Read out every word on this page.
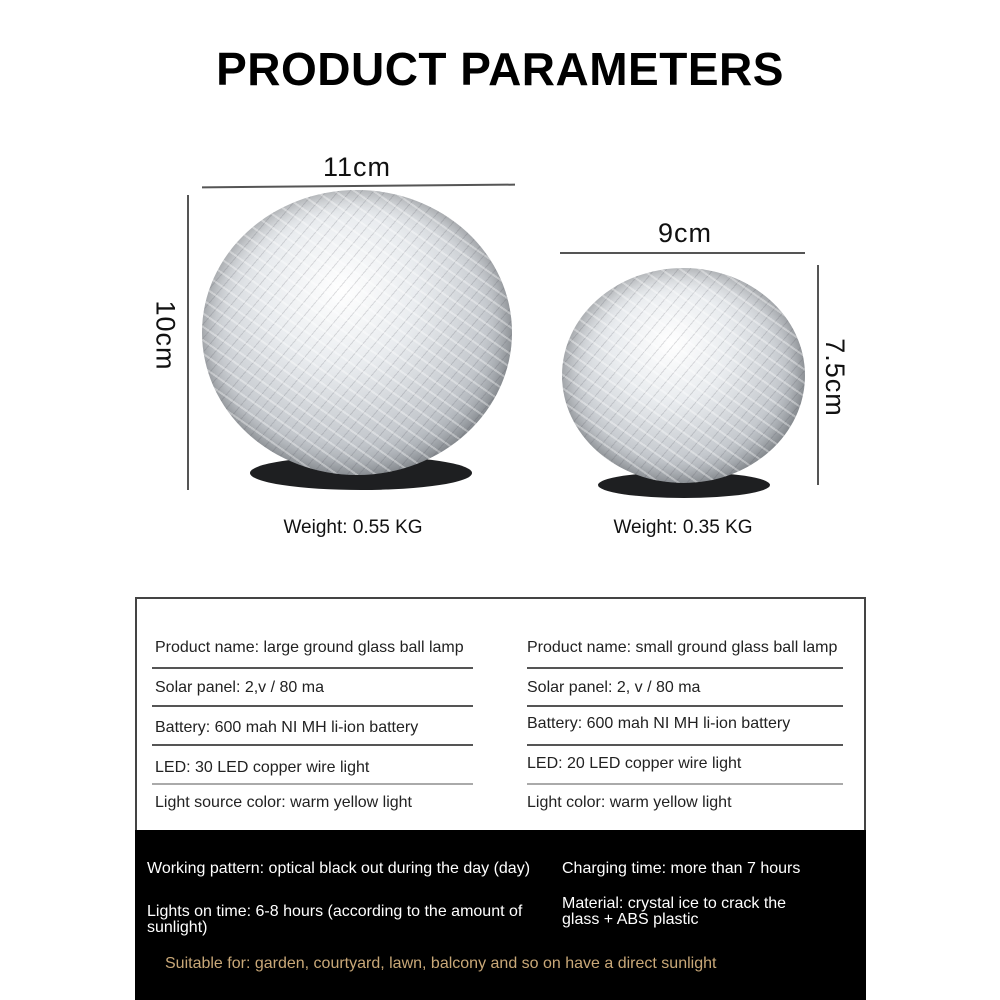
PRODUCT PARAMETERS
11cm
10cm
Weight: 0.55 KG
9cm
7.5cm
Weight: 0.35 KG
Product name: large ground glass ball lamp
Solar panel: 2,v / 80 ma
Battery: 600 mah NI MH li-ion battery
LED: 30 LED copper wire light
Light source color: warm yellow light
Product name: small ground glass ball lamp
Solar panel: 2, v / 80 ma
Battery: 600 mah NI MH li-ion battery
LED: 20 LED copper wire light
Light color: warm yellow light
Working pattern: optical black out during the day (day)
Lights on time: 6-8 hours (according to the amount of sunlight)
Charging time: more than 7 hours
Material: crystal ice to crack the glass + ABS plastic
Suitable for: garden, courtyard, lawn, balcony and so on have a direct sunlight
